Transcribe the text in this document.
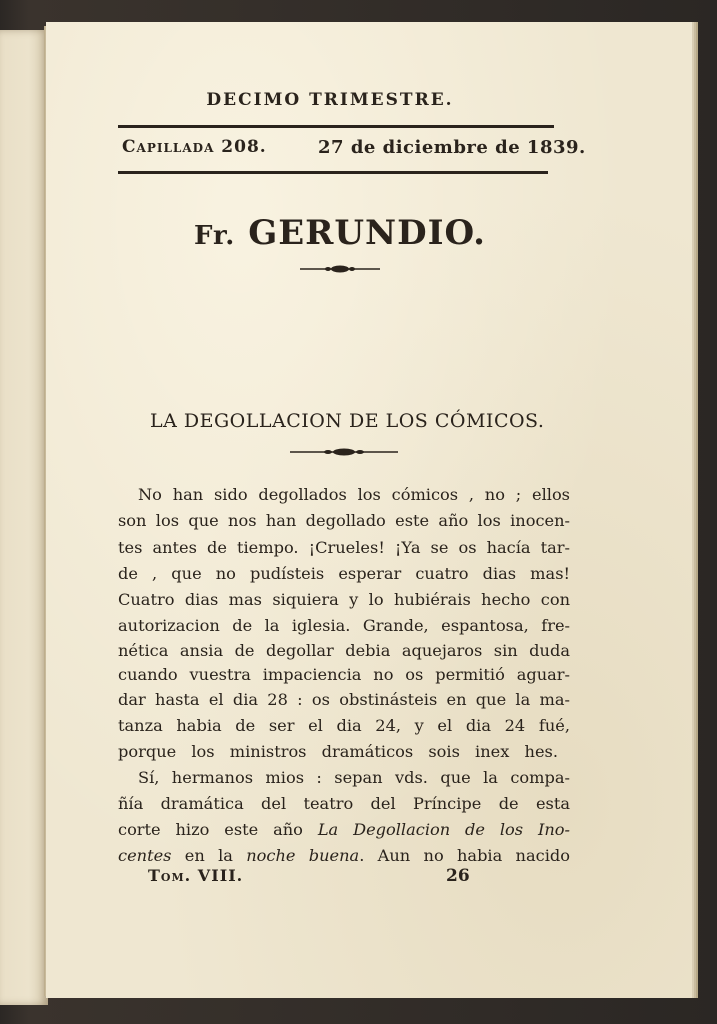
DECIMO TRIMESTRE.

Capillada 208.	27 de diciembre de 1839.

Fr. GERUNDIO.

LA DEGOLLACION DE LOS CÓMICOS.

No han sido degollados los cómicos , no ; ellos

son los que nos han degollado este año los inocen-

tes antes de tiempo. ¡Crueles! ¡Ya se os hacía tar-

de , que no pudísteis esperar cuatro dias mas!

Cuatro dias mas siquiera y lo hubiérais hecho con

autorizacion de la iglesia. Grande, espantosa, fre-

nética ansia de degollar debia aquejaros sin duda

cuando vuestra impaciencia no os permitió aguar-

dar hasta el dia 28 : os obstinásteis en que la ma-

tanza habia de ser el dia 24, y el dia 24 fué,

porque los ministros dramáticos sois inex hes.

Sí, hermanos mios : sepan vds. que la compa-

ñía dramática del teatro del Príncipe de esta

corte hizo este año La Degollacion de los Ino-

centes en la noche buena. Aun no habia nacido

Tom. VIII.	26
